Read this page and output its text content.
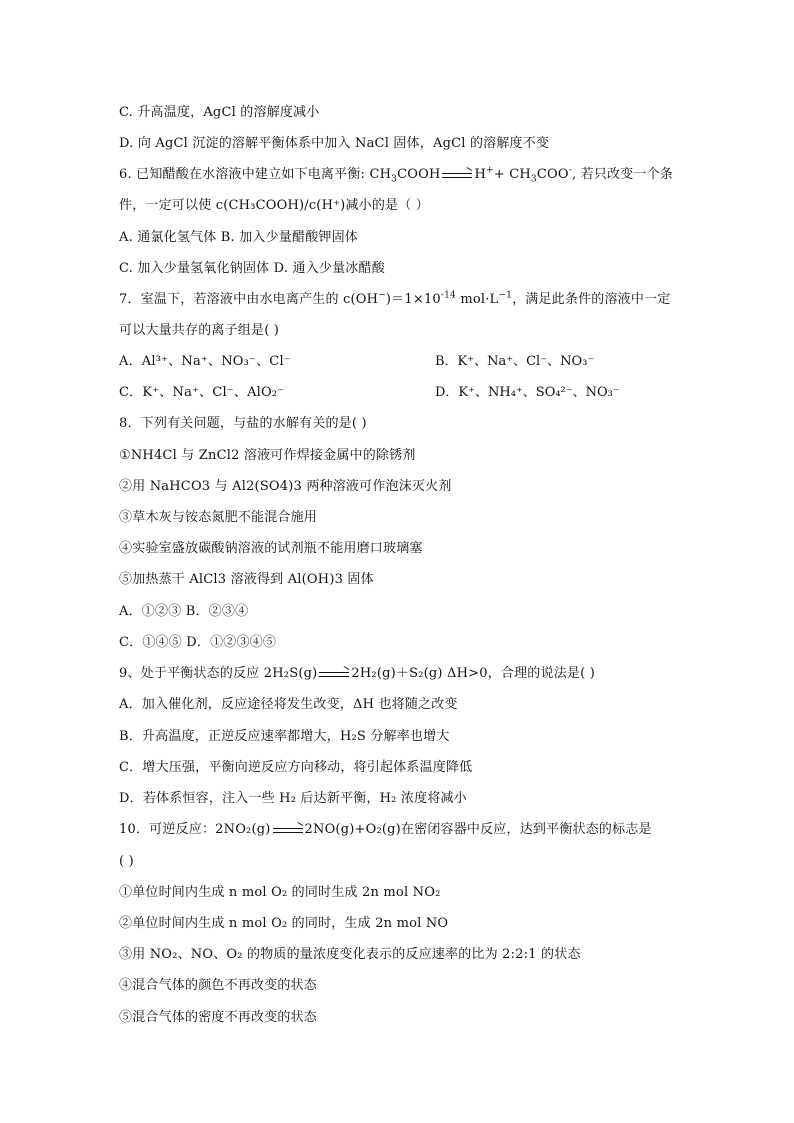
C. 升高温度，AgCl 的溶解度减小
D. 向 AgCl 沉淀的溶解平衡体系中加入 NaCl 固体，AgCl 的溶解度不变
6. 已知醋酸在水溶液中建立如下电离平衡: $CH_3COOH \to H^++ CH_3COO^-$, 若只改变一个条
件，一定可以使 c(CH₃COOH)/c(H⁺)减小的是（ ）
A. 通氯化氢气体 B. 加入少量醋酸钾固体
C. 加入少量氢氧化钠固体 D. 通入少量冰醋酸
7．室温下，若溶液中由水电离产生的 $c(OH^-)=1\times 10^{-14}$ $mol\cdot L^{-1}$，满足此条件的溶液中一定
可以大量共存的离子组是( )
A．Al³⁺、Na⁺、NO₃⁻、Cl⁻	B．K⁺、Na⁺、Cl⁻、NO₃⁻
C．K⁺、Na⁺、Cl⁻、AlO₂⁻	D．K⁺、NH₄⁺、SO₄²⁻、NO₃⁻
8．下列有关问题，与盐的水解有关的是( )
①NH4Cl 与 ZnCl2 溶液可作焊接金属中的除锈剂
②用 NaHCO3 与 Al2(SO4)3 两种溶液可作泡沫灭火剂
③草木灰与铵态氮肥不能混合施用
④实验室盛放碳酸钠溶液的试剂瓶不能用磨口玻璃塞
⑤加热蒸干 AlCl3 溶液得到 Al(OH)3 固体
A．①②③ B．②③④
C．①④⑤ D．①②③④⑤
9、处于平衡状态的反应 2H₂S(g) → 2H₂(g)＋S₂(g) ΔH>0，合理的说法是( )
A．加入催化剂，反应途径将发生改变，ΔH 也将随之改变
B．升高温度，正逆反应速率都增大，H₂S 分解率也增大
C．增大压强，平衡向逆反应方向移动，将引起体系温度降低
D．若体系恒容，注入一些 H₂ 后达新平衡，H₂ 浓度将减小
10．可逆反应：2NO₂(g) → 2NO(g)+O₂(g)在密闭容器中反应，达到平衡状态的标志是
( )
①单位时间内生成 n mol O₂ 的同时生成 2n mol NO₂
②单位时间内生成 n mol O₂ 的同时，生成 2n mol NO
③用 NO₂、NO、O₂ 的物质的量浓度变化表示的反应速率的比为 2:2:1 的状态
④混合气体的颜色不再改变的状态
⑤混合气体的密度不再改变的状态
